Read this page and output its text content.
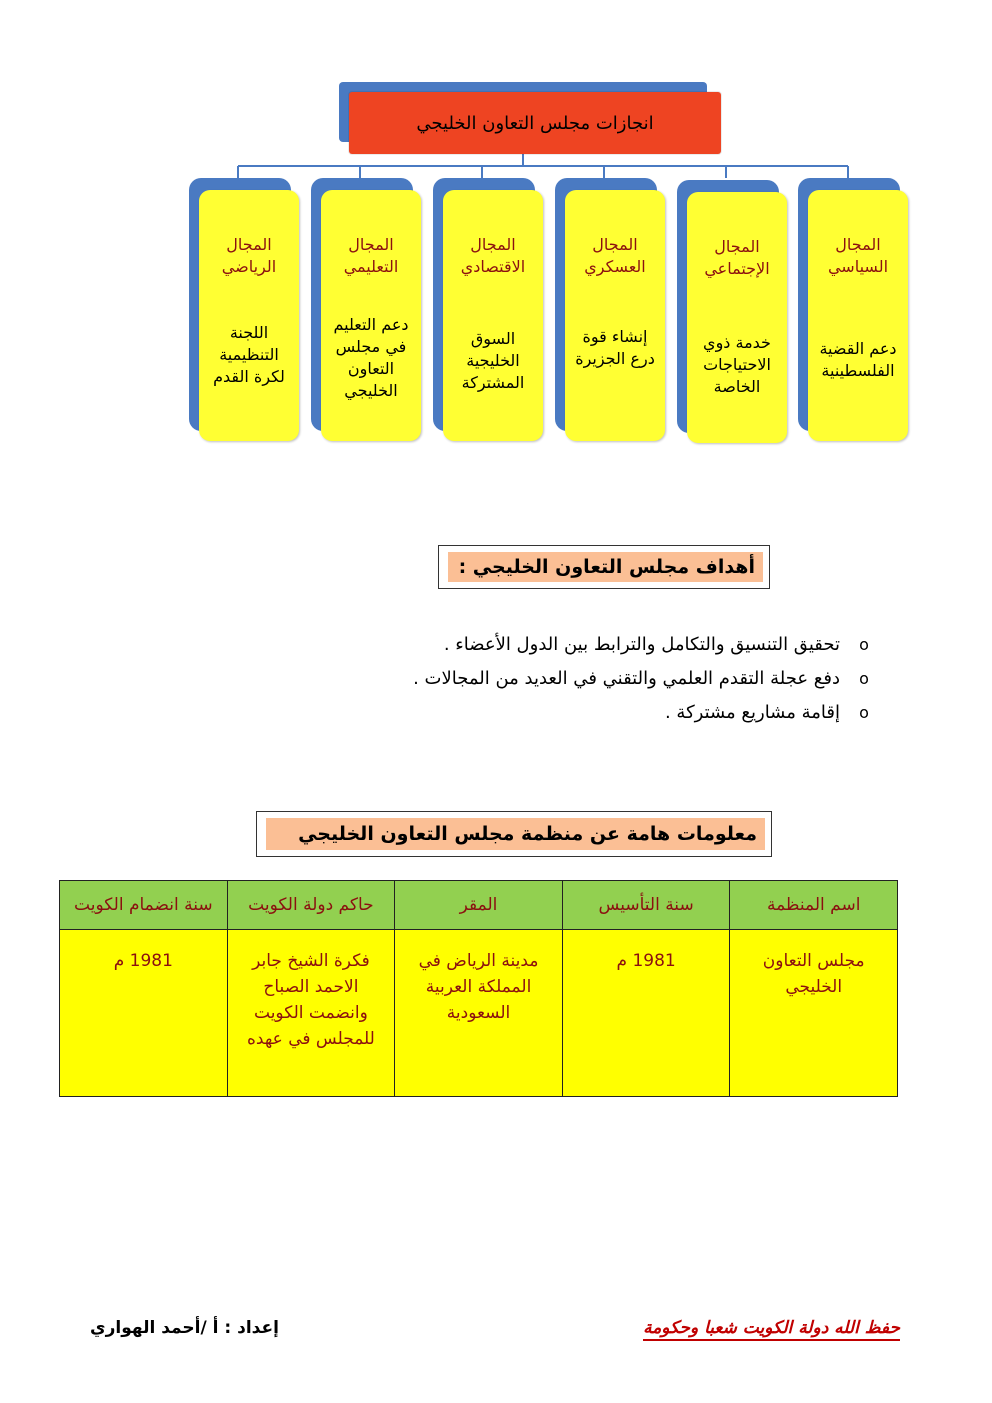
انجازات مجلس التعاون الخليجي
المجال السياسي
دعم القضية الفلسطينية
المجال الإجتماعي
خدمة ذوي الاحتياجات الخاصة
المجال العسكري
إنشاء قوة درع الجزيرة
المجال الاقتصادي
السوق الخليجية المشتركة
المجال التعليمي
دعم التعليم في مجلس التعاون الخليجي
المجال الرياضي
اللجنة التنظيمية لكرة القدم
أهداف مجلس التعاون الخليجي :
o
تحقيق التنسيق والتكامل والترابط بين الدول الأعضاء .
o
دفع عجلة التقدم العلمي والتقني في العديد من المجالات .
o
إقامة مشاريع مشتركة .
معلومات هامة عن منظمة مجلس التعاون الخليجي
اسم المنظمة	سنة التأسيس	المقر	حاكم دولة الكويت	سنة انضمام الكويت
مجلس التعاون الخليجي	1981 م	مدينة الرياض في المملكة العربية السعودية	فكرة الشيخ جابر الاحمد الصباح وانضمت الكويت للمجلس في عهده	1981 م
إعداد : أ /أحمد الهواري	حفظ الله دولة الكويت شعبا وحكومة
